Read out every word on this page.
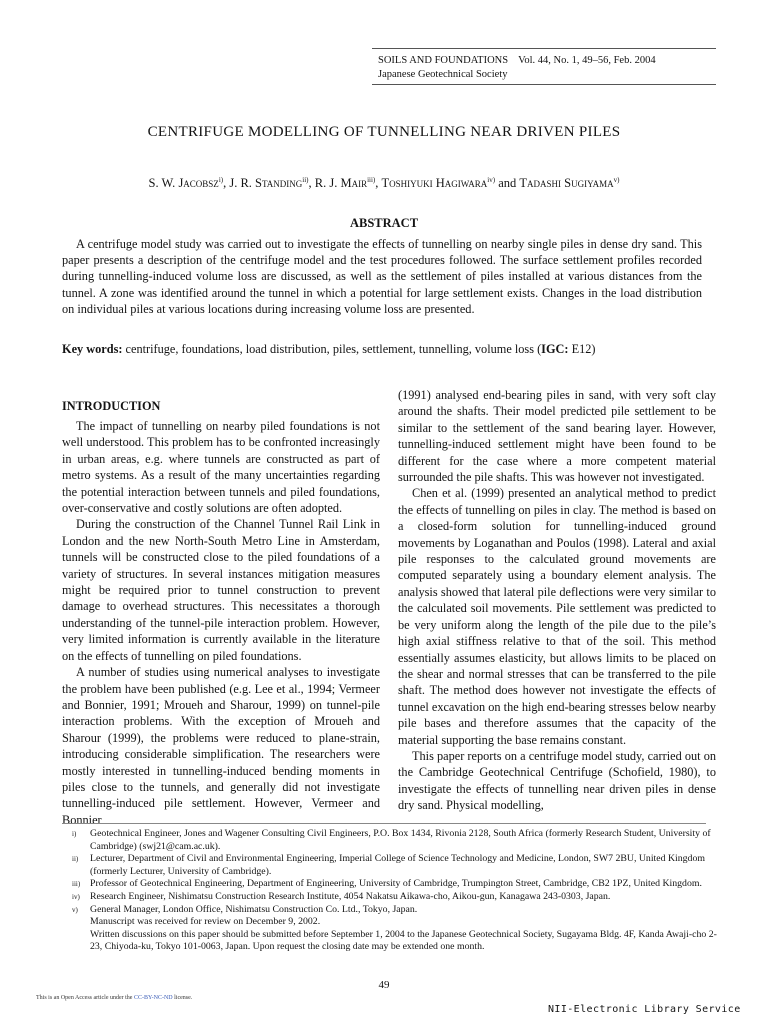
SOILS AND FOUNDATIONS Vol. 44, No. 1, 49–56, Feb. 2004
Japanese Geotechnical Society
CENTRIFUGE MODELLING OF TUNNELLING NEAR DRIVEN PILES
S. W. Jacobsz$^{i)}$, J. R. Standing$^{ii)}$, R. J. Mair$^{iii)}$, Toshiyuki Hagiwara$^{iv)}$ and Tadashi Sugiyama$^{v)}$
ABSTRACT

A centrifuge model study was carried out to investigate the effects of tunnelling on nearby single piles in dense dry sand. This paper presents a description of the centrifuge model and the test procedures followed. The surface settlement profiles recorded during tunnelling-induced volume loss are discussed, as well as the settlement of piles installed at various distances from the tunnel. A zone was identified around the tunnel in which a potential for large settlement exists. Changes in the load distribution on individual piles at various locations during increasing volume loss are presented.

Key words: centrifuge, foundations, load distribution, piles, settlement, tunnelling, volume loss (IGC: E12)
INTRODUCTION

The impact of tunnelling on nearby piled foundations is not well understood. This problem has to be confronted increasingly in urban areas, e.g. where tunnels are constructed as part of metro systems. As a result of the many uncertainties regarding the potential interaction between tunnels and piled foundations, over-conservative and costly solutions are often adopted.

During the construction of the Channel Tunnel Rail Link in London and the new North-South Metro Line in Amsterdam, tunnels will be constructed close to the piled foundations of a variety of structures. In several instances mitigation measures might be required prior to tunnel construction to prevent damage to overhead structures. This necessitates a thorough understanding of the tunnel-pile interaction problem. However, very limited information is currently available in the literature on the effects of tunnelling on piled foundations.

A number of studies using numerical analyses to investigate the problem have been published (e.g. Lee et al., 1994; Vermeer and Bonnier, 1991; Mroueh and Sharour, 1999) on tunnel-pile interaction problems. With the exception of Mroueh and Sharour (1999), the problems were reduced to plane-strain, introducing considerable simplification. The researchers were mostly interested in tunnelling-induced bending moments in piles close to the tunnels, and generally did not investigate tunnelling-induced pile settlement. However, Vermeer and Bonnier

(1991) analysed end-bearing piles in sand, with very soft clay around the shafts. Their model predicted pile settlement to be similar to the settlement of the sand bearing layer. However, tunnelling-induced settlement might have been found to be different for the case where a more competent material surrounded the pile shafts. This was however not investigated.

Chen et al. (1999) presented an analytical method to predict the effects of tunnelling on piles in clay. The method is based on a closed-form solution for tunnelling-induced ground movements by Loganathan and Poulos (1998). Lateral and axial pile responses to the calculated ground movements are computed separately using a boundary element analysis. The analysis showed that lateral pile deflections were very similar to the calculated soil movements. Pile settlement was predicted to be very uniform along the length of the pile due to the pile’s high axial stiffness relative to that of the soil. This method essentially assumes elasticity, but allows limits to be placed on the shear and normal stresses that can be transferred to the pile shaft. The method does however not investigate the effects of tunnel excavation on the high end-bearing stresses below nearby pile bases and therefore assumes that the capacity of the material supporting the base remains constant.

This paper reports on a centrifuge model study, carried out on the Cambridge Geotechnical Centrifuge (Schofield, 1980), to investigate the effects of tunnelling near driven piles in dense dry sand. Physical modelling,

i)	Geotechnical Engineer, Jones and Wagener Consulting Civil Engineers, P.O. Box 1434, Rivonia 2128, South Africa (formerly Research Student, University of Cambridge) (swj21@cam.ac.uk).
ii)	Lecturer, Department of Civil and Environmental Engineering, Imperial College of Science Technology and Medicine, London, SW7 2BU, United Kingdom (formerly Lecturer, University of Cambridge).
iii)	Professor of Geotechnical Engineering, Department of Engineering, University of Cambridge, Trumpington Street, Cambridge, CB2 1PZ, United Kingdom.
iv)	Research Engineer, Nishimatsu Construction Research Institute, 4054 Nakatsu Aikawa-cho, Aikou-gun, Kanagawa 243-0303, Japan.
v)	General Manager, London Office, Nishimatsu Construction Co. Ltd., Tokyo, Japan.
Manuscript was received for review on December 9, 2002.
Written discussions on this paper should be submitted before September 1, 2004 to the Japanese Geotechnical Society, Sugayama Bldg. 4F, Kanda Awaji-cho 2-23, Chiyoda-ku, Tokyo 101-0063, Japan. Upon request the closing date may be extended one month.
49
This is an Open Access article under the CC-BY-NC-ND license.
NII-Electronic Library Service
